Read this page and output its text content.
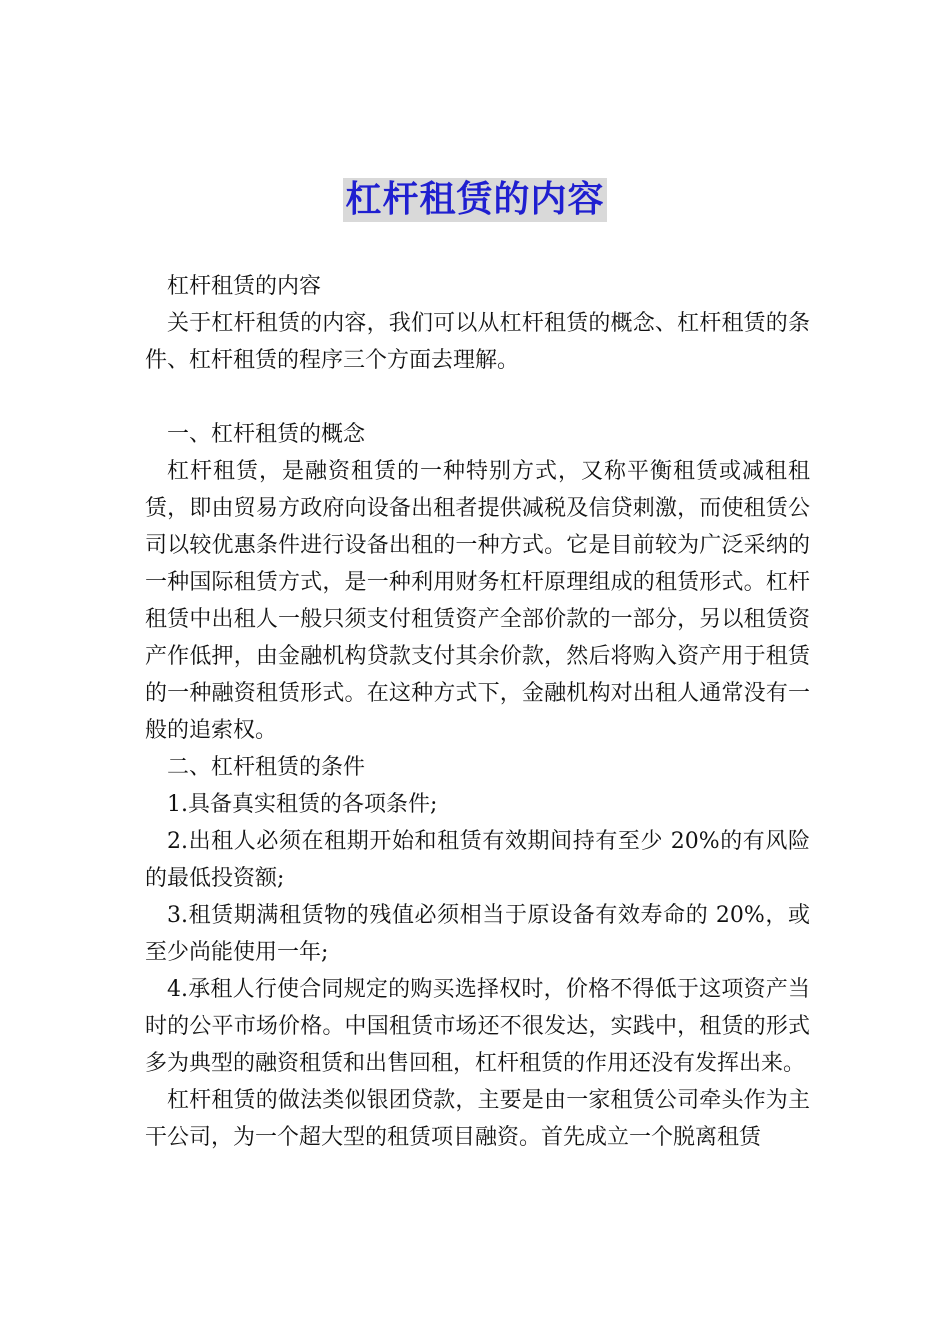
杠杆租赁的内容

杠杆租赁的内容

关于杠杆租赁的内容，我们可以从杠杆租赁的概念、杠杆租赁的条件、杠杆租赁的程序三个方面去理解。

一、杠杆租赁的概念

杠杆租赁，是融资租赁的一种特别方式，又称平衡租赁或减租租赁，即由贸易方政府向设备出租者提供减税及信贷刺激，而使租赁公司以较优惠条件进行设备出租的一种方式。它是目前较为广泛采纳的一种国际租赁方式，是一种利用财务杠杆原理组成的租赁形式。杠杆租赁中出租人一般只须支付租赁资产全部价款的一部分，另以租赁资产作低押，由金融机构贷款支付其余价款，然后将购入资产用于租赁的一种融资租赁形式。在这种方式下，金融机构对出租人通常没有一般的追索权。

二、杠杆租赁的条件

1.具备真实租赁的各项条件;

2.出租人必须在租期开始和租赁有效期间持有至少 20%的有风险的最低投资额;

3.租赁期满租赁物的残值必须相当于原设备有效寿命的 20%，或至少尚能使用一年;

4.承租人行使合同规定的购买选择权时，价格不得低于这项资产当时的公平市场价格。中国租赁市场还不很发达，实践中，租赁的形式多为典型的融资租赁和出售回租，杠杆租赁的作用还没有发挥出来。

杠杆租赁的做法类似银团贷款，主要是由一家租赁公司牵头作为主干公司，为一个超大型的租赁项目融资。首先成立一个脱离租赁
